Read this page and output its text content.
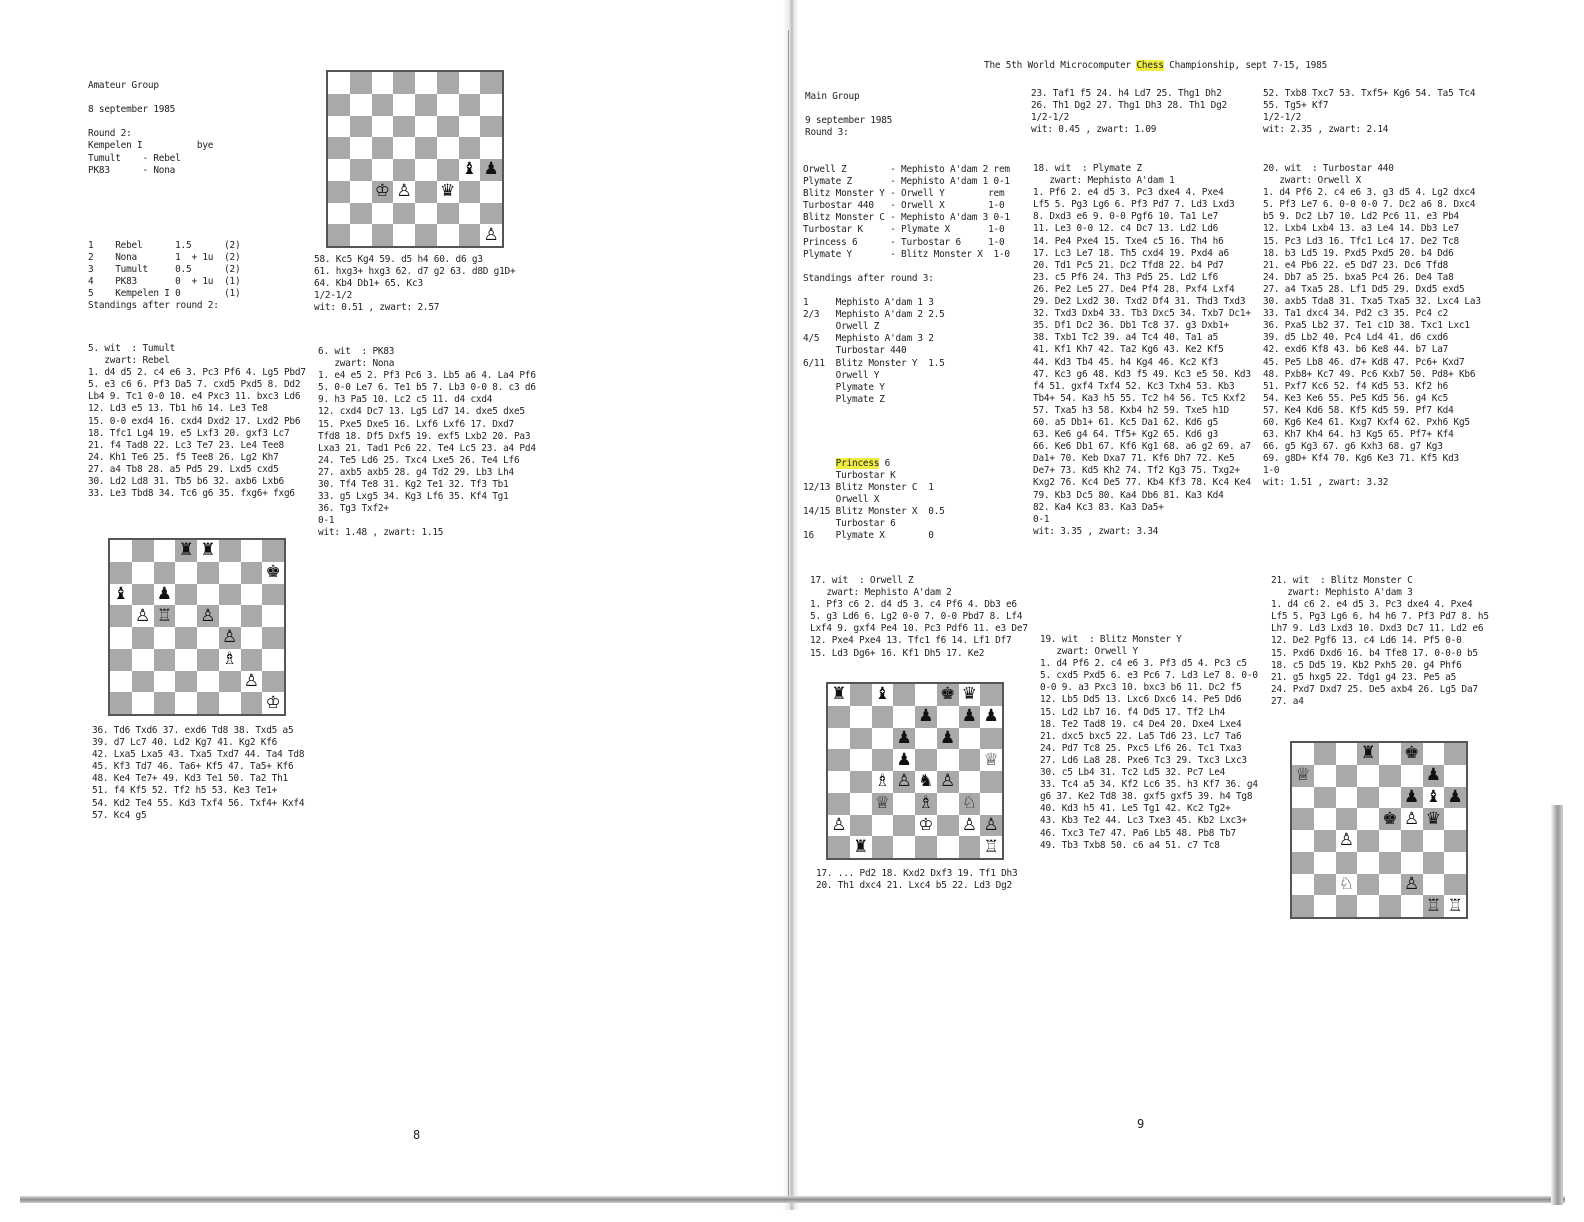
Amateur Group

8 september 1985

Round 2:
Kempelen I          bye
Tumult    - Rebel
PK83      - Nona
1    Rebel      1.5      (2)
2    Nona       1  + 1u  (2)
3    Tumult     0.5      (2)
4    PK83       0  + 1u  (1)
5    Kempelen I 0        (1)
Standings after round 2:
5. wit  : Tumult
zwart: Rebel
1. d4 d5 2. c4 e6 3. Pc3 Pf6 4. Lg5 Pbd7
5. e3 c6 6. Pf3 Da5 7. cxd5 Pxd5 8. Dd2
Lb4 9. Tc1 0-0 10. e4 Pxc3 11. bxc3 Ld6
12. Ld3 e5 13. Tb1 h6 14. Le3 Te8
15. 0-0 exd4 16. cxd4 Dxd2 17. Lxd2 Pb6
18. Tfc1 Lg4 19. e5 Lxf3 20. gxf3 Lc7
21. f4 Tad8 22. Lc3 Te7 23. Le4 Tee8
24. Kh1 Te6 25. f5 Tee8 26. Lg2 Kh7
27. a4 Tb8 28. a5 Pd5 29. Lxd5 cxd5
30. Ld2 Ld8 31. Tb5 b6 32. axb6 Lxb6
33. Le3 Tbd8 34. Tc6 g6 35. fxg6+ fxg6
♜ ♜
♚
♝ ♟
♙ ♖ ♙
♙
♗
♙
♔
36. Td6 Txd6 37. exd6 Td8 38. Txd5 a5
39. d7 Lc7 40. Ld2 Kg7 41. Kg2 Kf6
42. Lxa5 Lxa5 43. Txa5 Txd7 44. Ta4 Td8
45. Kf3 Td7 46. Ta6+ Kf5 47. Ta5+ Kf6
48. Ke4 Te7+ 49. Kd3 Te1 50. Ta2 Th1
51. f4 Kf5 52. Tf2 h5 53. Ke3 Te1+
54. Kd2 Te4 55. Kd3 Txf4 56. Txf4+ Kxf4
57. Kc4 g5
♝ ♟
♔ ♙ ♛
♙
58. Kc5 Kg4 59. d5 h4 60. d6 g3
61. hxg3+ hxg3 62. d7 g2 63. d8D g1D+
64. Kb4 Db1+ 65. Kc3
1/2-1/2
wit: 0.51 , zwart: 2.57
6. wit  : PK83
zwart: Nona
1. e4 e5 2. Pf3 Pc6 3. Lb5 a6 4. La4 Pf6
5. 0-0 Le7 6. Te1 b5 7. Lb3 0-0 8. c3 d6
9. h3 Pa5 10. Lc2 c5 11. d4 cxd4
12. cxd4 Dc7 13. Lg5 Ld7 14. dxe5 dxe5
15. Pxe5 Dxe5 16. Lxf6 Lxf6 17. Dxd7
Tfd8 18. Df5 Dxf5 19. exf5 Lxb2 20. Pa3
Lxa3 21. Tad1 Pc6 22. Te4 Lc5 23. a4 Pd4
24. Te5 Ld6 25. Txc4 Lxe5 26. Te4 Lf6
27. axb5 axb5 28. g4 Td2 29. Lb3 Lh4
30. Tf4 Te8 31. Kg2 Te1 32. Tf3 Tb1
33. g5 Lxg5 34. Kg3 Lf6 35. Kf4 Tg1
36. Tg3 Txf2+
0-1
wit: 1.48 , zwart: 1.15
8
The 5th World Microcomputer Chess Championship, sept 7-15, 1985
Main Group

9 september 1985
Round 3:
Orwell Z        - Mephisto A'dam 2 rem
Plymate Z       - Mephisto A'dam 1 0-1
Blitz Monster Y - Orwell Y        rem
Turbostar 440   - Orwell X        1-0
Blitz Monster C - Mephisto A'dam 3 0-1
Turbostar K     - Plymate X       1-0
Princess 6      - Turbostar 6     1-0
Plymate Y       - Blitz Monster X  1-0

Standings after round 3:

1     Mephisto A'dam 1 3
2/3   Mephisto A'dam 2 2.5
Orwell Z
4/5   Mephisto A'dam 3 2
Turbostar 440
6/11  Blitz Monster Y  1.5
Orwell Y
Plymate Y
Plymate Z
Princess 6
Turbostar K
12/13 Blitz Monster C  1
Orwell X
14/15 Blitz Monster X  0.5
Turbostar 6
16    Plymate X        0
17. wit  : Orwell Z
zwart: Mephisto A'dam 2
1. Pf3 c6 2. d4 d5 3. c4 Pf6 4. Db3 e6
5. g3 Ld6 6. Lg2 0-0 7. 0-0 Pbd7 8. Lf4
Lxf4 9. gxf4 Pe4 10. Pc3 Pdf6 11. e3 De7
12. Pxe4 Pxe4 13. Tfc1 f6 14. Lf1 Df7
15. Ld3 Dg6+ 16. Kf1 Dh5 17. Ke2
♜ ♝	♚ ♛
♟ ♟ ♟
♟ ♟
♟	♕
♗ ♙ ♞ ♙
♕ ♗ ♘
♙	♔ ♙ ♙
♜	♖
17. ... Pd2 18. Kxd2 Dxf3 19. Tf1 Dh3
20. Th1 dxc4 21. Lxc4 b5 22. Ld3 Dg2
23. Taf1 f5 24. h4 Ld7 25. Thg1 Dh2
26. Th1 Dg2 27. Thg1 Dh3 28. Th1 Dg2
1/2-1/2
wit: 0.45 , zwart: 1.09
18. wit  : Plymate Z
zwart: Mephisto A'dam 1
1. Pf6 2. e4 d5 3. Pc3 dxe4 4. Pxe4
Lf5 5. Pg3 Lg6 6. Pf3 Pd7 7. Ld3 Lxd3
8. Dxd3 e6 9. 0-0 Pgf6 10. Ta1 Le7
11. Le3 0-0 12. c4 Dc7 13. Ld2 Ld6
14. Pe4 Pxe4 15. Txe4 c5 16. Th4 h6
17. Lc3 Le7 18. Th5 cxd4 19. Pxd4 a6
20. Td1 Pc5 21. Dc2 Tfd8 22. b4 Pd7
23. c5 Pf6 24. Th3 Pd5 25. Ld2 Lf6
26. Pe2 Le5 27. De4 Pf4 28. Pxf4 Lxf4
29. De2 Lxd2 30. Txd2 Df4 31. Thd3 Txd3
32. Txd3 Dxb4 33. Tb3 Dxc5 34. Txb7 Dc1+
35. Df1 Dc2 36. Db1 Tc8 37. g3 Dxb1+
38. Txb1 Tc2 39. a4 Tc4 40. Ta1 a5
41. Kf1 Kh7 42. Ta2 Kg6 43. Ke2 Kf5
44. Kd3 Tb4 45. h4 Kg4 46. Kc2 Kf3
47. Kc3 g6 48. Kd3 f5 49. Kc3 e5 50. Kd3
f4 51. gxf4 Txf4 52. Kc3 Txh4 53. Kb3
Tb4+ 54. Ka3 h5 55. Tc2 h4 56. Tc5 Kxf2
57. Txa5 h3 58. Kxb4 h2 59. Txe5 h1D
60. a5 Db1+ 61. Kc5 Da1 62. Kd6 g5
63. Ke6 g4 64. Tf5+ Kg2 65. Kd6 g3
66. Ke6 Db1 67. Kf6 Kg1 68. a6 g2 69. a7
Da1+ 70. Keb Dxa7 71. Kf6 Dh7 72. Ke5
De7+ 73. Kd5 Kh2 74. Tf2 Kg3 75. Txg2+
Kxg2 76. Kc4 De5 77. Kb4 Kf3 78. Kc4 Ke4
79. Kb3 Dc5 80. Ka4 Db6 81. Ka3 Kd4
82. Ka4 Kc3 83. Ka3 Da5+
0-1
wit: 3.35 , zwart: 3.34
19. wit  : Blitz Monster Y
zwart: Orwell Y
1. d4 Pf6 2. c4 e6 3. Pf3 d5 4. Pc3 c5
5. cxd5 Pxd5 6. e3 Pc6 7. Ld3 Le7 8. 0-0
0-0 9. a3 Pxc3 10. bxc3 b6 11. Dc2 f5
12. Lb5 Dd5 13. Lxc6 Dxc6 14. Pe5 Dd6
15. Ld2 Lb7 16. f4 Dd5 17. Tf2 Lh4
18. Te2 Tad8 19. c4 De4 20. Dxe4 Lxe4
21. dxc5 bxc5 22. La5 Td6 23. Lc7 Ta6
24. Pd7 Tc8 25. Pxc5 Lf6 26. Tc1 Txa3
27. Ld6 La8 28. Pxe6 Tc3 29. Txc3 Lxc3
30. c5 Lb4 31. Tc2 Ld5 32. Pc7 Le4
33. Tc4 a5 34. Kf2 Lc6 35. h3 Kf7 36. g4
g6 37. Ke2 Td8 38. gxf5 gxf5 39. h4 Tg8
40. Kd3 h5 41. Le5 Tg1 42. Kc2 Tg2+
43. Kb3 Te2 44. Lc3 Txe3 45. Kb2 Lxc3+
46. Txc3 Te7 47. Pa6 Lb5 48. Pb8 Tb7
49. Tb3 Txb8 50. c6 a4 51. c7 Tc8
52. Txb8 Txc7 53. Txf5+ Kg6 54. Ta5 Tc4
55. Tg5+ Kf7
1/2-1/2
wit: 2.35 , zwart: 2.14
20. wit  : Turbostar 440
zwart: Orwell X
1. d4 Pf6 2. c4 e6 3. g3 d5 4. Lg2 dxc4
5. Pf3 Le7 6. 0-0 0-0 7. Dc2 a6 8. Dxc4
b5 9. Dc2 Lb7 10. Ld2 Pc6 11. e3 Pb4
12. Lxb4 Lxb4 13. a3 Le4 14. Db3 Le7
15. Pc3 Ld3 16. Tfc1 Lc4 17. De2 Tc8
18. b3 Ld5 19. Pxd5 Pxd5 20. b4 Dd6
21. e4 Pb6 22. e5 Dd7 23. Dc6 Tfd8
24. Db7 a5 25. bxa5 Pc4 26. De4 Ta8
27. a4 Txa5 28. Lf1 Dd5 29. Dxd5 exd5
30. axb5 Tda8 31. Txa5 Txa5 32. Lxc4 La3
33. Ta1 dxc4 34. Pd2 c3 35. Pc4 c2
36. Pxa5 Lb2 37. Te1 c1D 38. Txc1 Lxc1
39. d5 Lb2 40. Pc4 Ld4 41. d6 cxd6
42. exd6 Kf8 43. b6 Ke8 44. b7 La7
45. Pe5 Lb8 46. d7+ Kd8 47. Pc6+ Kxd7
48. Pxb8+ Kc7 49. Pc6 Kxb7 50. Pd8+ Kb6
51. Pxf7 Kc6 52. f4 Kd5 53. Kf2 h6
54. Ke3 Ke6 55. Pe5 Kd5 56. g4 Kc5
57. Ke4 Kd6 58. Kf5 Kd5 59. Pf7 Kd4
60. Kg6 Ke4 61. Kxg7 Kxf4 62. Pxh6 Kg5
63. Kh7 Kh4 64. h3 Kg5 65. Pf7+ Kf4
66. g5 Kg3 67. g6 Kxh3 68. g7 Kg3
69. g8D+ Kf4 70. Kg6 Ke3 71. Kf5 Kd3
1-0
wit: 1.51 , zwart: 3.32
21. wit  : Blitz Monster C
zwart: Mephisto A'dam 3
1. d4 c6 2. e4 d5 3. Pc3 dxe4 4. Pxe4
Lf5 5. Pg3 Lg6 6. h4 h6 7. Pf3 Pd7 8. h5
Lh7 9. Ld3 Lxd3 10. Dxd3 Dc7 11. Ld2 e6
12. De2 Pgf6 13. c4 Ld6 14. Pf5 0-0
15. Pxd6 Dxd6 16. b4 Tfe8 17. 0-0-0 b5
18. c5 Dd5 19. Kb2 Pxh5 20. g4 Phf6
21. g5 hxg5 22. Tdg1 g4 23. Pe5 a5
24. Pxd7 Dxd7 25. De5 axb4 26. Lg5 Da7
27. a4
♜ ♚
♕	♟
♟ ♝ ♟
♚ ♙ ♛
♙
♘	♙
♖ ♖
9
